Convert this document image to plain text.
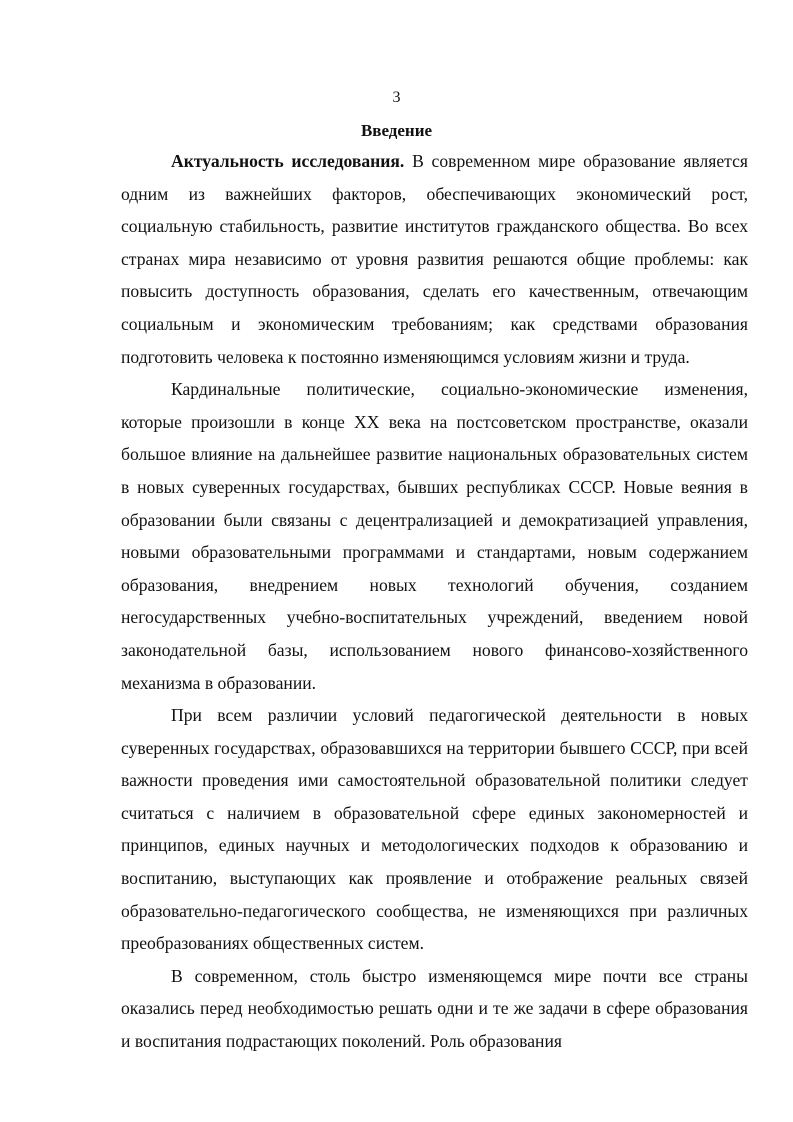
3
Введение

Актуальность исследования. В современном мире образование является одним из важнейших факторов, обеспечивающих экономический рост, социальную стабильность, развитие институтов гражданского общества. Во всех странах мира независимо от уровня развития решаются общие проблемы: как повысить доступность образования, сделать его качественным, отвечающим социальным и экономическим требованиям; как средствами образования подготовить человека к постоянно изменяющимся условиям жизни и труда.

Кардинальные политические, социально-экономические изменения, которые произошли в конце XX века на постсоветском пространстве, оказали большое влияние на дальнейшее развитие национальных образовательных систем в новых суверенных государствах, бывших республиках СССР. Новые веяния в образовании были связаны с децентрализацией и демократизацией управления, новыми образовательными программами и стандартами, новым содержанием образования, внедрением новых технологий обучения, созданием негосударственных учебно-воспитательных учреждений, введением новой законодательной базы, использованием нового финансово-хозяйственного механизма в образовании.

При всем различии условий педагогической деятельности в новых суверенных государствах, образовавшихся на территории бывшего СССР, при всей важности проведения ими самостоятельной образовательной политики следует считаться с наличием в образовательной сфере единых закономерностей и принципов, единых научных и методологических подходов к образованию и воспитанию, выступающих как проявление и отображение реальных связей образовательно-педагогического сообщества, не изменяющихся при различных преобразованиях общественных систем.

В современном, столь быстро изменяющемся мире почти все страны оказались перед необходимостью решать одни и те же задачи в сфере образования и воспитания подрастающих поколений. Роль образования
